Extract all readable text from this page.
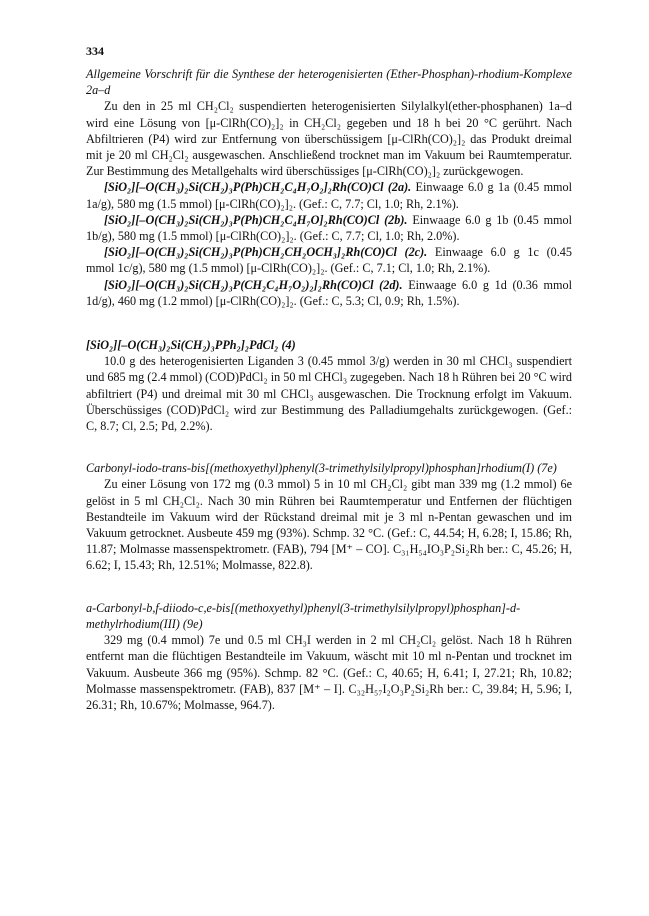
334

Allgemeine Vorschrift für die Synthese der heterogenisierten (Ether-Phosphan)-rhodium-Komplexe 2a–d

Zu den in 25 ml CH₂Cl₂ suspendierten heterogenisierten Silylalkyl(ether-phosphanen) 1a–d wird eine Lösung von [μ-ClRh(CO)₂]₂ in CH₂Cl₂ gegeben und 18 h bei 20 °C gerührt. Nach Abfiltrieren (P4) wird zur Entfernung von überschüssigem [μ-ClRh(CO)₂]₂ das Produkt dreimal mit je 20 ml CH₂Cl₂ ausgewaschen. Anschließend trocknet man im Vakuum bei Raumtemperatur. Zur Bestimmung des Metallgehalts wird überschüssiges [μ-ClRh(CO)₂]₂ zurückgewogen.

[SiO₂][–O(CH₃)₂Si(CH₂)₃P(Ph)CH₂C₄H₇O₂]₂Rh(CO)Cl (2a). Einwaage 6.0 g 1a (0.45 mmol 1a/g), 580 mg (1.5 mmol) [μ-ClRh(CO)₂]₂. (Gef.: C, 7.7; Cl, 1.0; Rh, 2.1%).

[SiO₂][–O(CH₃)₂Si(CH₂)₃P(Ph)CH₂C₄H₇O]₂Rh(CO)Cl (2b). Einwaage 6.0 g 1b (0.45 mmol 1b/g), 580 mg (1.5 mmol) [μ-ClRh(CO)₂]₂. (Gef.: C, 7.7; Cl, 1.0; Rh, 2.0%).

[SiO₂][–O(CH₃)₂Si(CH₂)₃P(Ph)CH₂CH₂OCH₃]₂Rh(CO)Cl (2c). Einwaage 6.0 g 1c (0.45 mmol 1c/g), 580 mg (1.5 mmol) [μ-ClRh(CO)₂]₂. (Gef.: C, 7.1; Cl, 1.0; Rh, 2.1%).

[SiO₂][–O(CH₃)₂Si(CH₂)₃P(CH₂C₄H₇O₂)₂]₂Rh(CO)Cl (2d). Einwaage 6.0 g 1d (0.36 mmol 1d/g), 460 mg (1.2 mmol) [μ-ClRh(CO)₂]₂. (Gef.: C, 5.3; Cl, 0.9; Rh, 1.5%).

[SiO₂][–O(CH₃)₂Si(CH₂)₃PPh₂]₂PdCl₂ (4)

10.0 g des heterogenisierten Liganden 3 (0.45 mmol 3/g) werden in 30 ml CHCl₃ suspendiert und 685 mg (2.4 mmol) (COD)PdCl₂ in 50 ml CHCl₃ zugegeben. Nach 18 h Rühren bei 20 °C wird abfiltriert (P4) und dreimal mit 30 ml CHCl₃ ausgewaschen. Die Trocknung erfolgt im Vakuum. Überschüssiges (COD)PdCl₂ wird zur Bestimmung des Palladiumgehalts zurückgewogen. (Gef.: C, 8.7; Cl, 2.5; Pd, 2.2%).

Carbonyl-iodo-trans-bis[(methoxyethyl)phenyl(3-trimethylsilylpropyl)phosphan]rhodium(I) (7e)

Zu einer Lösung von 172 mg (0.3 mmol) 5 in 10 ml CH₂Cl₂ gibt man 339 mg (1.2 mmol) 6e gelöst in 5 ml CH₂Cl₂. Nach 30 min Rühren bei Raumtemperatur und Entfernen der flüchtigen Bestandteile im Vakuum wird der Rückstand dreimal mit je 3 ml n-Pentan gewaschen und im Vakuum getrocknet. Ausbeute 459 mg (93%). Schmp. 32 °C. (Gef.: C, 44.54; H, 6.28; I, 15.86; Rh, 11.87; Molmasse massenspektrometr. (FAB), 794 [M⁺ – CO]. C₃₁H₅₄IO₃P₂Si₂Rh ber.: C, 45.26; H, 6.62; I, 15.43; Rh, 12.51%; Molmasse, 822.8).

a-Carbonyl-b,f-diiodo-c,e-bis[(methoxyethyl)phenyl(3-trimethylsilylpropyl)phosphan]-d-methylrhodium(III) (9e)

329 mg (0.4 mmol) 7e und 0.5 ml CH₃I werden in 2 ml CH₂Cl₂ gelöst. Nach 18 h Rühren entfernt man die flüchtigen Bestandteile im Vakuum, wäscht mit 10 ml n-Pentan und trocknet im Vakuum. Ausbeute 366 mg (95%). Schmp. 82 °C. (Gef.: C, 40.65; H, 6.41; I, 27.21; Rh, 10.82; Molmasse massenspektrometr. (FAB), 837 [M⁺ – I]. C₃₂H₅₇I₂O₃P₂Si₂Rh ber.: C, 39.84; H, 5.96; I, 26.31; Rh, 10.67%; Molmasse, 964.7).
